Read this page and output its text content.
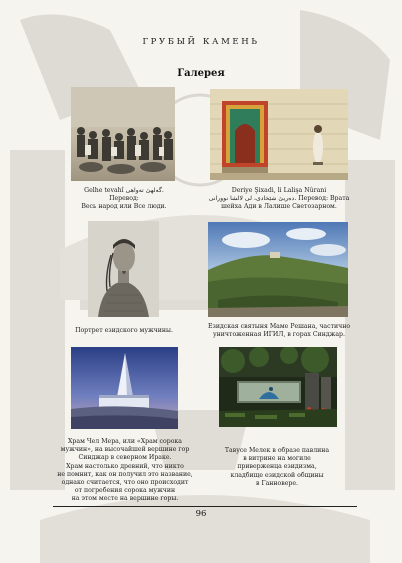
ГРУБЫЙ КАМЕНЬ
Галерея
Gelhe tevahî گەلھێ تەواهی.
Перевод:
Весь народ или Все люди.
Deriye Şixadi, li Lalişa Nûrani
دەریێ شێخادی، لی لالشا نوورانی. Перевод: Врата
шейха Ади в Лалише Светозарном.
Портрет езидского мужчины.
Езидская святыня Маме Решана, частично
уничтоженная ИГИЛ, в горах Синджар.
Храм Чел Мера, или «Храм сорока
мужчин», на высочайшей вершине гор
Синджар в северном Ираке.
Храм настолько древний, что никто
не помнит, как он получил это название,
однако считается, что оно происходит
от погребения сорока мужчин
на этом месте на вершине горы.
Тавусе Мелек в образе павлина
в витрине на могиле
приверженца езидизма,
кладбище езидской общины
в Ганновере.
96
